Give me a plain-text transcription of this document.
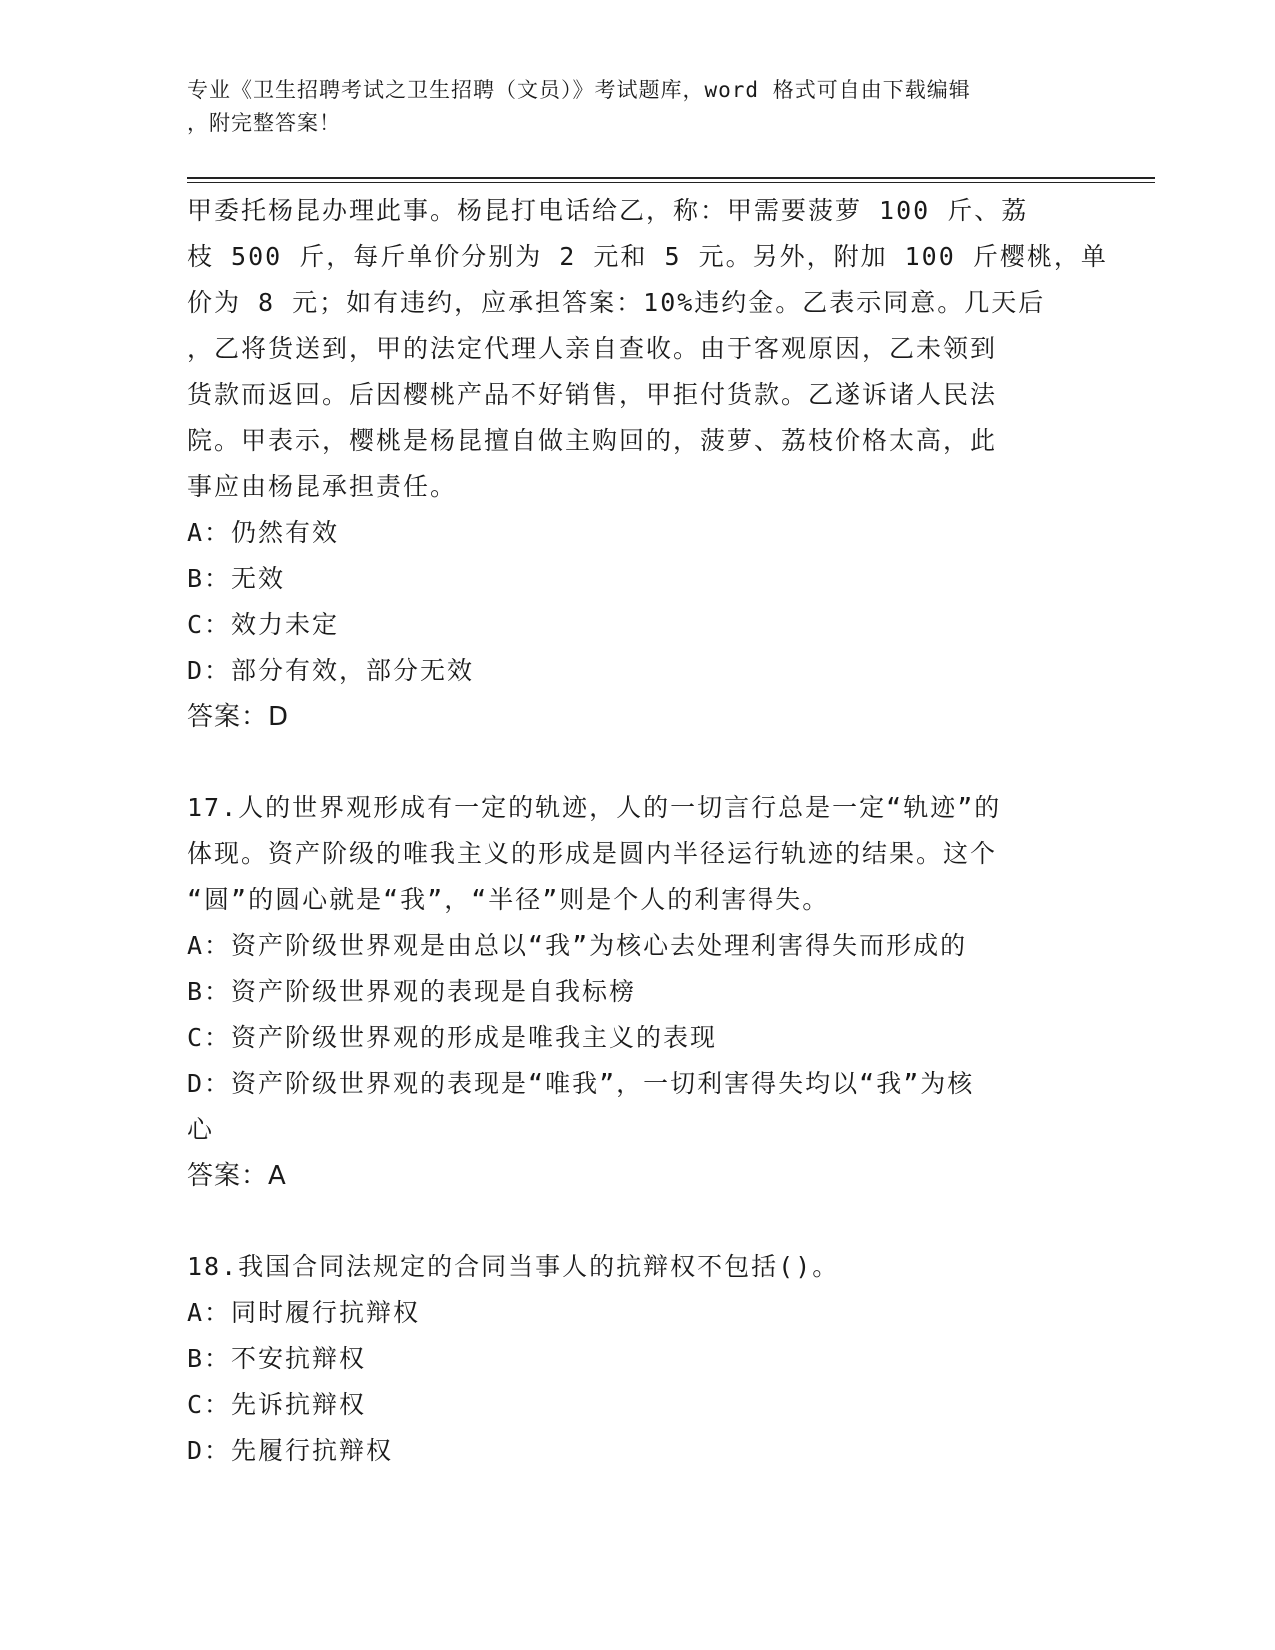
专业《卫生招聘考试之卫生招聘（文员）》考试题库，word 格式可自由下载编辑
，附完整答案！
甲委托杨昆办理此事。杨昆打电话给乙，称：甲需要菠萝 100 斤、荔
枝 500 斤，每斤单价分别为 2 元和 5 元。另外，附加 100 斤樱桃，单
价为 8 元；如有违约，应承担答案：10%违约金。乙表示同意。几天后
，乙将货送到，甲的法定代理人亲自查收。由于客观原因，乙未领到
货款而返回。后因樱桃产品不好销售，甲拒付货款。乙遂诉诸人民法
院。甲表示，樱桃是杨昆擅自做主购回的，菠萝、荔枝价格太高，此
事应由杨昆承担责任。
A：仍然有效
B：无效
C：效力未定
D：部分有效，部分无效
答案：D
17.人的世界观形成有一定的轨迹，人的一切言行总是一定“轨迹”的
体现。资产阶级的唯我主义的形成是圆内半径运行轨迹的结果。这个
“圆”的圆心就是“我”，“半径”则是个人的利害得失。
A：资产阶级世界观是由总以“我”为核心去处理利害得失而形成的
B：资产阶级世界观的表现是自我标榜
C：资产阶级世界观的形成是唯我主义的表现
D：资产阶级世界观的表现是“唯我”，一切利害得失均以“我”为核
心
答案：A
18.我国合同法规定的合同当事人的抗辩权不包括()。
A：同时履行抗辩权
B：不安抗辩权
C：先诉抗辩权
D：先履行抗辩权
